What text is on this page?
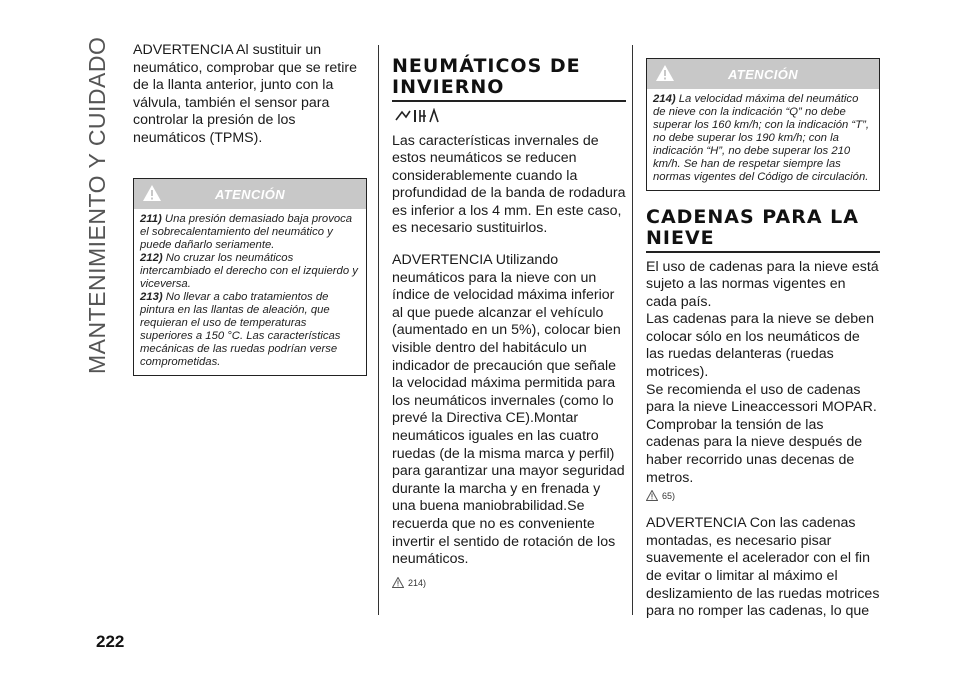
MANTENIMIENTO Y CUIDADO
222

ADVERTENCIA Al sustituir un neumático, comprobar que se retire de la llanta anterior, junto con la válvula, también el sensor para controlar la presión de los neumáticos (TPMS).

ATENCIÓN
211) Una presión demasiado baja provoca el sobrecalentamiento del neumático y puede dañarlo seriamente.
212) No cruzar los neumáticos intercambiado el derecho con el izquierdo y viceversa.
213) No llevar a cabo tratamientos de pintura en las llantas de aleación, que requieran el uso de temperaturas superiores a 150 °C. Las características mecánicas de las ruedas podrían verse comprometidas.
NEUMÁTICOS DE
INVIERNO

Las características invernales de estos neumáticos se reducen considerablemente cuando la profundidad de la banda de rodadura es inferior a los 4 mm. En este caso, es necesario sustituirlos.

ADVERTENCIA Utilizando neumáticos para la nieve con un índice de velocidad máxima inferior al que puede alcanzar el vehículo (aumentado en un 5%), colocar bien visible dentro del habitáculo un indicador de precaución que señale la velocidad máxima permitida para los neumáticos invernales (como lo prevé la Directiva CE).Montar neumáticos iguales en las cuatro ruedas (de la misma marca y perfil) para garantizar una mayor seguridad durante la marcha y en frenada y una buena maniobrabilidad.Se recuerda que no es conveniente invertir el sentido de rotación de los neumáticos.

214)
ATENCIÓN
214) La velocidad máxima del neumático de nieve con la indicación “Q” no debe superar los 160 km/h; con la indicación “T”, no debe superar los 190 km/h; con la indicación “H”, no debe superar los 210 km/h. Se han de respetar siempre las normas vigentes del Código de circulación.
CADENAS PARA LA
NIEVE

El uso de cadenas para la nieve está sujeto a las normas vigentes en cada país.

Las cadenas para la nieve se deben colocar sólo en los neumáticos de las ruedas delanteras (ruedas motrices).

Se recomienda el uso de cadenas para la nieve Lineaccessori MOPAR. Comprobar la tensión de las cadenas para la nieve después de haber recorrido unas decenas de metros.

65)

ADVERTENCIA Con las cadenas montadas, es necesario pisar suavemente el acelerador con el fin de evitar o limitar al máximo el deslizamiento de las ruedas motrices para no romper las cadenas, lo que
